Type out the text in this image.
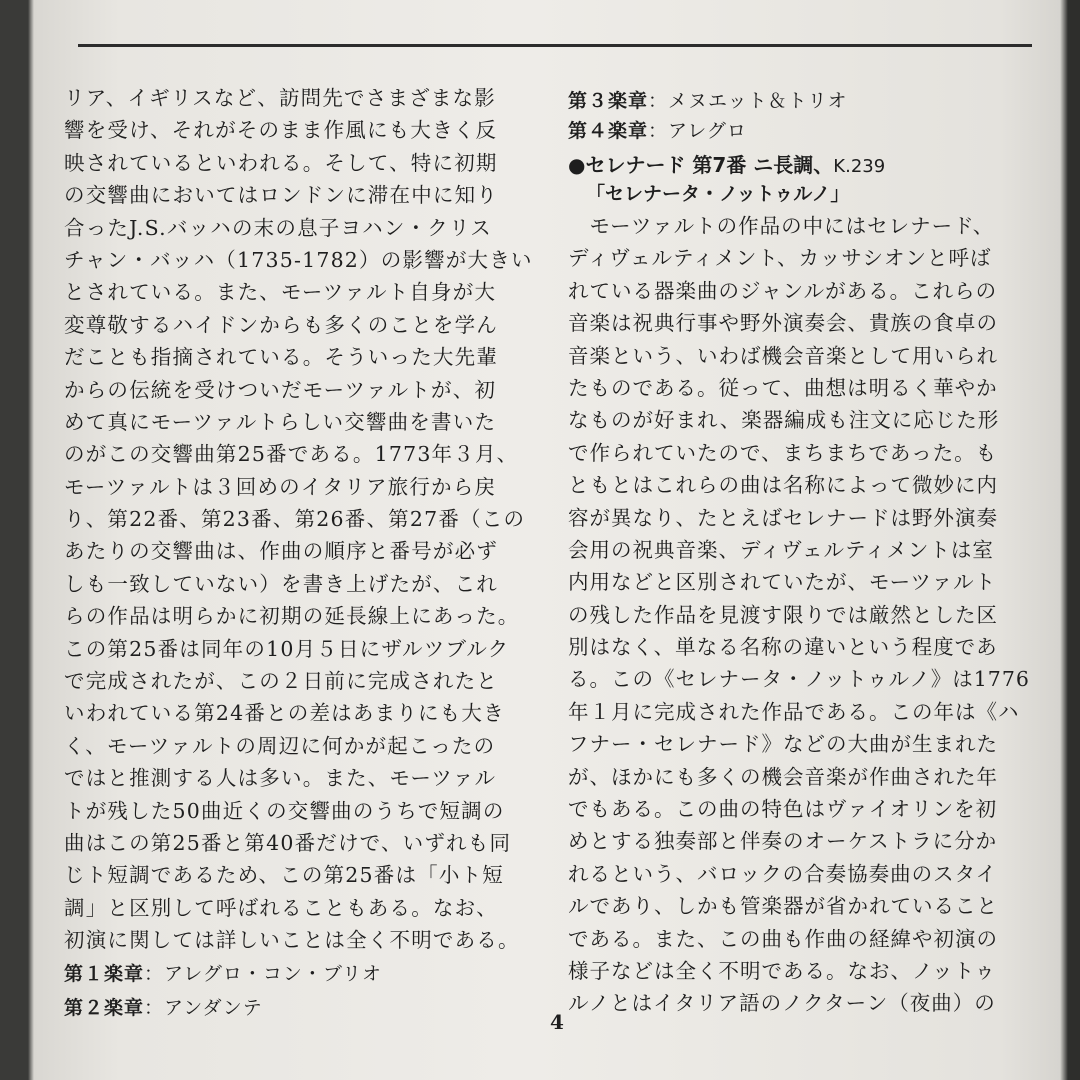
リア、イギリスなど、訪問先でさまざまな影
響を受け、それがそのまま作風にも大きく反
映されているといわれる。そして、特に初期
の交響曲においてはロンドンに滞在中に知り
合ったJ.S.バッハの末の息子ヨハン・クリス
チャン・バッハ（1735-1782）の影響が大きい
とされている。また、モーツァルト自身が大
変尊敬するハイドンからも多くのことを学ん
だことも指摘されている。そういった大先輩
からの伝統を受けついだモーツァルトが、初
めて真にモーツァルトらしい交響曲を書いた
のがこの交響曲第25番である。1773年３月、
モーツァルトは３回めのイタリア旅行から戻
り、第22番、第23番、第26番、第27番（この
あたりの交響曲は、作曲の順序と番号が必ず
しも一致していない）を書き上げたが、これ
らの作品は明らかに初期の延長線上にあった。
この第25番は同年の10月５日にザルツブルク
で完成されたが、この２日前に完成されたと
いわれている第24番との差はあまりにも大き
く、モーツァルトの周辺に何かが起こったの
ではと推測する人は多い。また、モーツァル
トが残した50曲近くの交響曲のうちで短調の
曲はこの第25番と第40番だけで、いずれも同
じト短調であるため、この第25番は「小ト短
調」と区別して呼ばれることもある。なお、
初演に関しては詳しいことは全く不明である。
第１楽章：アレグロ・コン・ブリオ
第２楽章：アンダンテ
第３楽章：メヌエット＆トリオ
第４楽章：アレグロ
●セレナード 第7番 ニ長調、K.239
「セレナータ・ノットゥルノ」
　モーツァルトの作品の中にはセレナード、
ディヴェルティメント、カッサシオンと呼ば
れている器楽曲のジャンルがある。これらの
音楽は祝典行事や野外演奏会、貴族の食卓の
音楽という、いわば機会音楽として用いられ
たものである。従って、曲想は明るく華やか
なものが好まれ、楽器編成も注文に応じた形
で作られていたので、まちまちであった。も
ともとはこれらの曲は名称によって微妙に内
容が異なり、たとえばセレナードは野外演奏
会用の祝典音楽、ディヴェルティメントは室
内用などと区別されていたが、モーツァルト
の残した作品を見渡す限りでは厳然とした区
別はなく、単なる名称の違いという程度であ
る。この《セレナータ・ノットゥルノ》は1776
年１月に完成された作品である。この年は《ハ
フナー・セレナード》などの大曲が生まれた
が、ほかにも多くの機会音楽が作曲された年
でもある。この曲の特色はヴァイオリンを初
めとする独奏部と伴奏のオーケストラに分か
れるという、バロックの合奏協奏曲のスタイ
ルであり、しかも管楽器が省かれていること
である。また、この曲も作曲の経緯や初演の
様子などは全く不明である。なお、ノットゥ
ルノとはイタリア語のノクターン（夜曲）の
4
